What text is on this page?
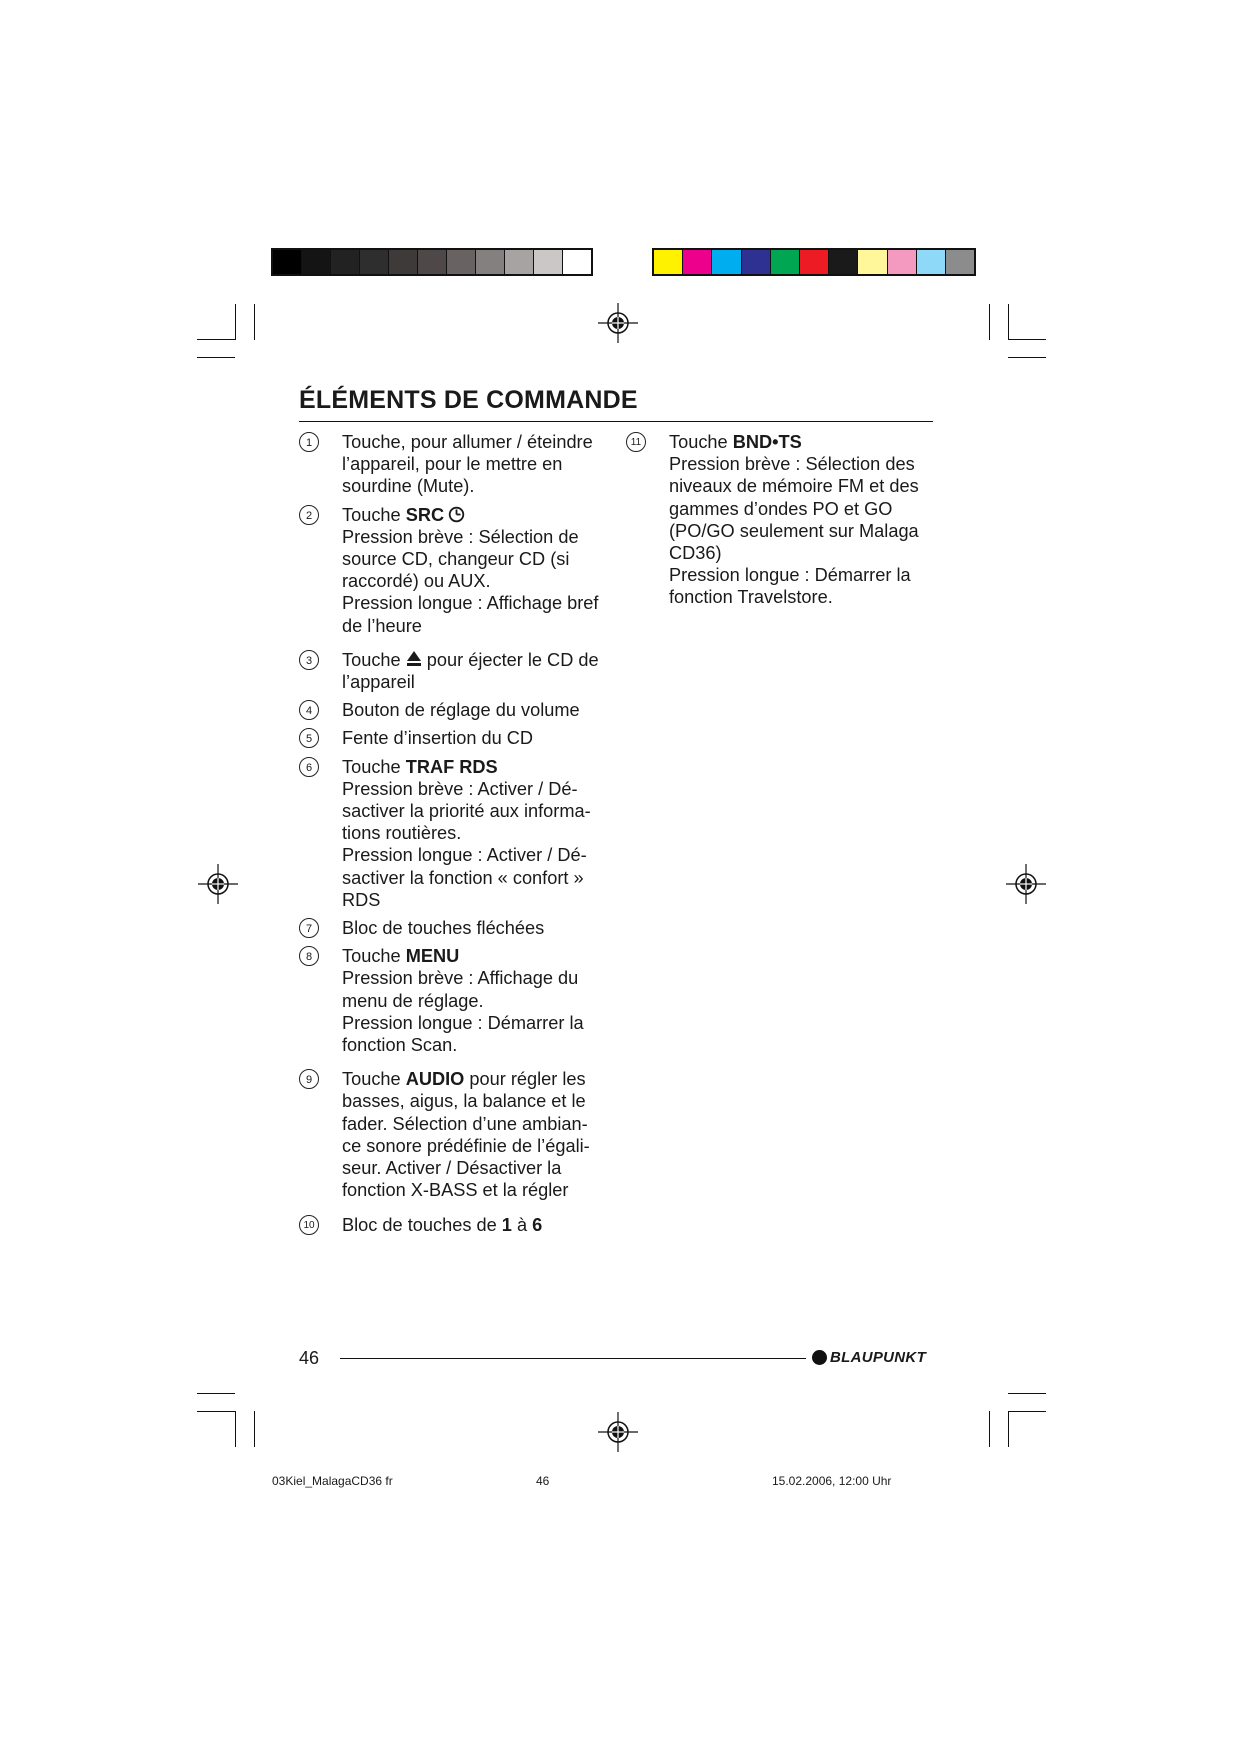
ÉLÉMENTS DE COMMANDE
1	Touche, pour allumer / éteindre
l’appareil, pour le mettre en
sourdine (Mute).
2	Touche SRC
Pression brève : Sélection de
source CD, changeur CD (si
raccordé) ou AUX.
Pression longue : Affichage bref
de l’heure
3	Touche  pour éjecter le CD de
l’appareil
4	Bouton de réglage du volume
5	Fente d’insertion du CD
6	Touche TRAF RDS
Pression brève : Activer / Dé-
sactiver la priorité aux informa-
tions routières.
Pression longue : Activer / Dé-
sactiver la fonction « confort »
RDS
7	Bloc de touches fléchées
8	Touche MENU
Pression brève : Affichage du
menu de réglage.
Pression longue : Démarrer la
fonction Scan.
9	Touche AUDIO pour régler les
basses, aigus, la balance et le
fader. Sélection d’une ambian-
ce sonore prédéfinie de l’égali-
seur. Activer / Désactiver la
fonction X-BASS et la régler
10 Bloc de touches de 1 à 6
11 Touche BND•TS
Pression brève : Sélection des
niveaux de mémoire FM et des
gammes d’ondes PO et GO
(PO/GO seulement sur Malaga
CD36)
Pression longue : Démarrer la
fonction Travelstore.
46	BLAUPUNKT
03Kiel_MalagaCD36 fr	46	15.02.2006, 12:00 Uhr
